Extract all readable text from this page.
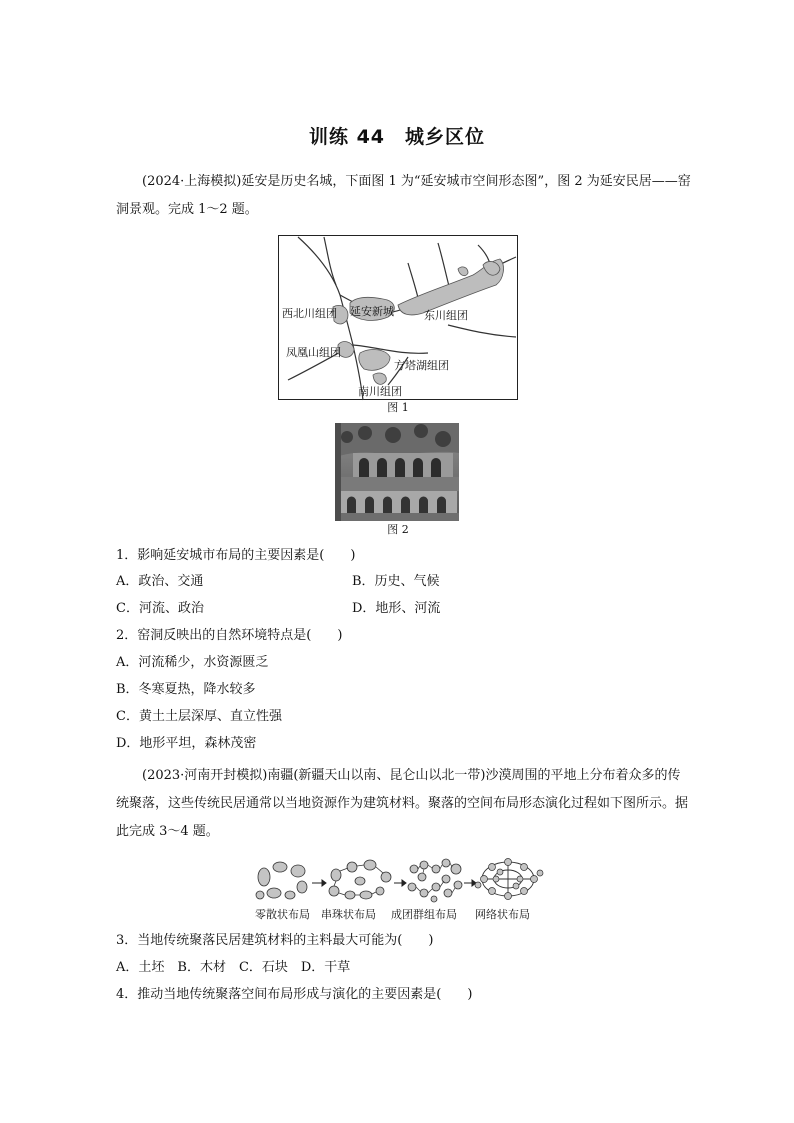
训练 44　城乡区位
(2024·上海模拟)延安是历史名城，下面图 1 为“延安城市空间形态图”，图 2 为延安民居——窑洞景观。完成 1～2 题。
西北川组团 延安新城	东川组团
凤凰山组团
方塔湖组团
南川组团
图 1
图 2
1．影响延安城市布局的主要因素是(　　)
A．政治、交通	B．历史、气候
C．河流、政治	D．地形、河流
2．窑洞反映出的自然环境特点是(　　)
A．河流稀少，水资源匮乏
B．冬寒夏热，降水较多
C．黄土土层深厚、直立性强
D．地形平坦，森林茂密
(2023·河南开封模拟)南疆(新疆天山以南、昆仑山以北一带)沙漠周围的平地上分布着众多的传统聚落，这些传统民居通常以当地资源作为建筑材料。聚落的空间布局形态演化过程如下图所示。据此完成 3～4 题。
零散状布局 串珠状布局 成团群组布局 网络状布局
3．当地传统聚落民居建筑材料的主料最大可能为(　　)
A．土坯　B．木材　C．石块　D．干草
4．推动当地传统聚落空间布局形成与演化的主要因素是(　　)
